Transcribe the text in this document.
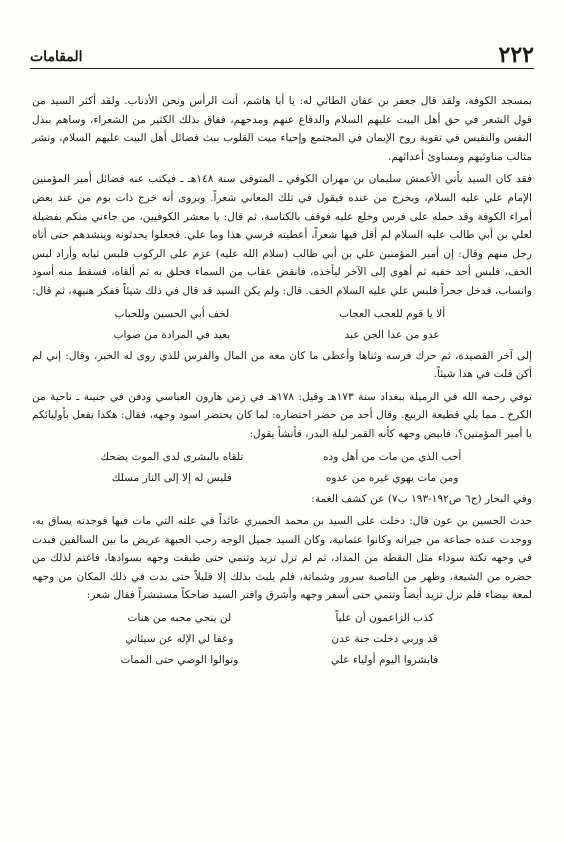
٢٢٢
المقامات

بمسجد الكوفة، ولقد قال جعفر بن عفان الطائي له: يا أبا هاشم، أنت الرأس ونحن الأذناب. ولقد أكثر السيد من قول الشعر في حق أهل البيت عليهم السلام والدفاع عنهم ومدحهم، ففاق بذلك الكثير من الشعراء، وساهم ببذل النفس والنفيس في تقوية روح الإيمان في المجتمع وإحياء ميت القلوب ببث فضائل أهل البيت عليهم السلام، ونشر مثالب مناوئيهم ومساوئ أعدائهم.

فقد كان السيد يأتي الأعمش سليمان بن مهران الكوفي ـ المتوفى سنة ١٤٨هـ ـ فيكتب عنه فضائل أمير المؤمنين الإمام علي عليه السلام، ويخرج من عنده فيقول في تلك المعاني شعراً. ويروى أنه خرج ذات يوم من عند بعض أمراء الكوفة وقد حمله على فرس وخلع عليه فوقف بالكناسة، ثم قال: يا معشر الكوفيين، من جاءني منكم بفضيلة لعلي بن أبي طالب عليه السلام لم أقل فيها شعراً، أعطيته فرسي هذا وما علي. فجعلوا يحدثونه وينشدهم حتى أتاه رجل منهم وقال: إن أمير المؤمنين علي بن أبي طالب (سلام الله عليه) عزم على الركوب فلبس ثيابه وأراد لبس الخف، فلبس أحد خفيه ثم أهوى إلى الآخر ليأخذه، فانقض عقاب من السماء فحلق به ثم ألقاه، فسقط منه أسود وانساب، فدخل جحراً فلبس علي عليه السلام الخف. قال: ولم يكن السيد قد قال في ذلك شيئاً ففكر هنيهة، ثم قال:

ألا يا قوم للعجب العجاب
لخف أبي الحسين وللحباب
عدو من عدا الجن عبد
بعيد في المرادة من صواب

إلى آخر القصيدة، ثم حرك فرسه وثناها وأعطى ما كان معه من المال والفرس للذي روى له الخبر، وقال: إني لم أكن قلت في هذا شيئاً.

توفي رحمه الله في الرميلة ببغداد سنة ١٧٣هـ وقيل: ١٧٨هـ في زمن هارون العباسي ودفن في جنينة ـ ناحية من الكرخ ـ مما يلي قطيعة الربيع. وقال أحد من حضر احتضاره: لما كان يحتضر اسود وجهه، فقال: هكذا يفعل بأوليائكم يا أمير المؤمنين؟، فابيض وجهه كأنه القمر ليلة البدر، فأنشأ يقول:

أحب الذي من مات من أهل وده
تلقاه بالبشرى لدى الموت يضحك
ومن مات يهوي غيره من عدوه
فليس له إلا إلى النار مسلك

وفي البحار (ج٦ ص١٩٢-١٩٣ ب٧) عن كشف الغمة:

حدث الحسين بن عون قال: دخلت على السيد بن محمد الحميري عائداً في علته التي مات فيها فوجدته يساق به، ووجدت عنده جماعة من جيرانه وكانوا عثمانية، وكان السيد جميل الوجه رحب الجبهة عريض ما بين السالفين فبدت في وجهه نكتة سوداء مثل النقطة من المداد، ثم لم تزل تزيد وتنمي حتى طبقت وجهه بسوادها، فاغتم لذلك من حضره من الشيعة، وظهر من الناصبة سرور وشماتة، فلم يلبث بذلك إلا قليلاً حتى بدت في ذلك المكان من وجهه لمعة بيضاء فلم تزل تزيد أيضاً وتنمي حتى أسفر وجهه وأشرق وافتر السيد ضاحكاً مستبشراً فقال شعر:

كذب الزاعمون أن علياً
لن ينجي محبه من هنات
قد وربي دخلت جنة عدن
وعفا لي الإله عن سيئاتي
فابشروا اليوم أولياء علي
وتوالوا الوصي حتى الممات
